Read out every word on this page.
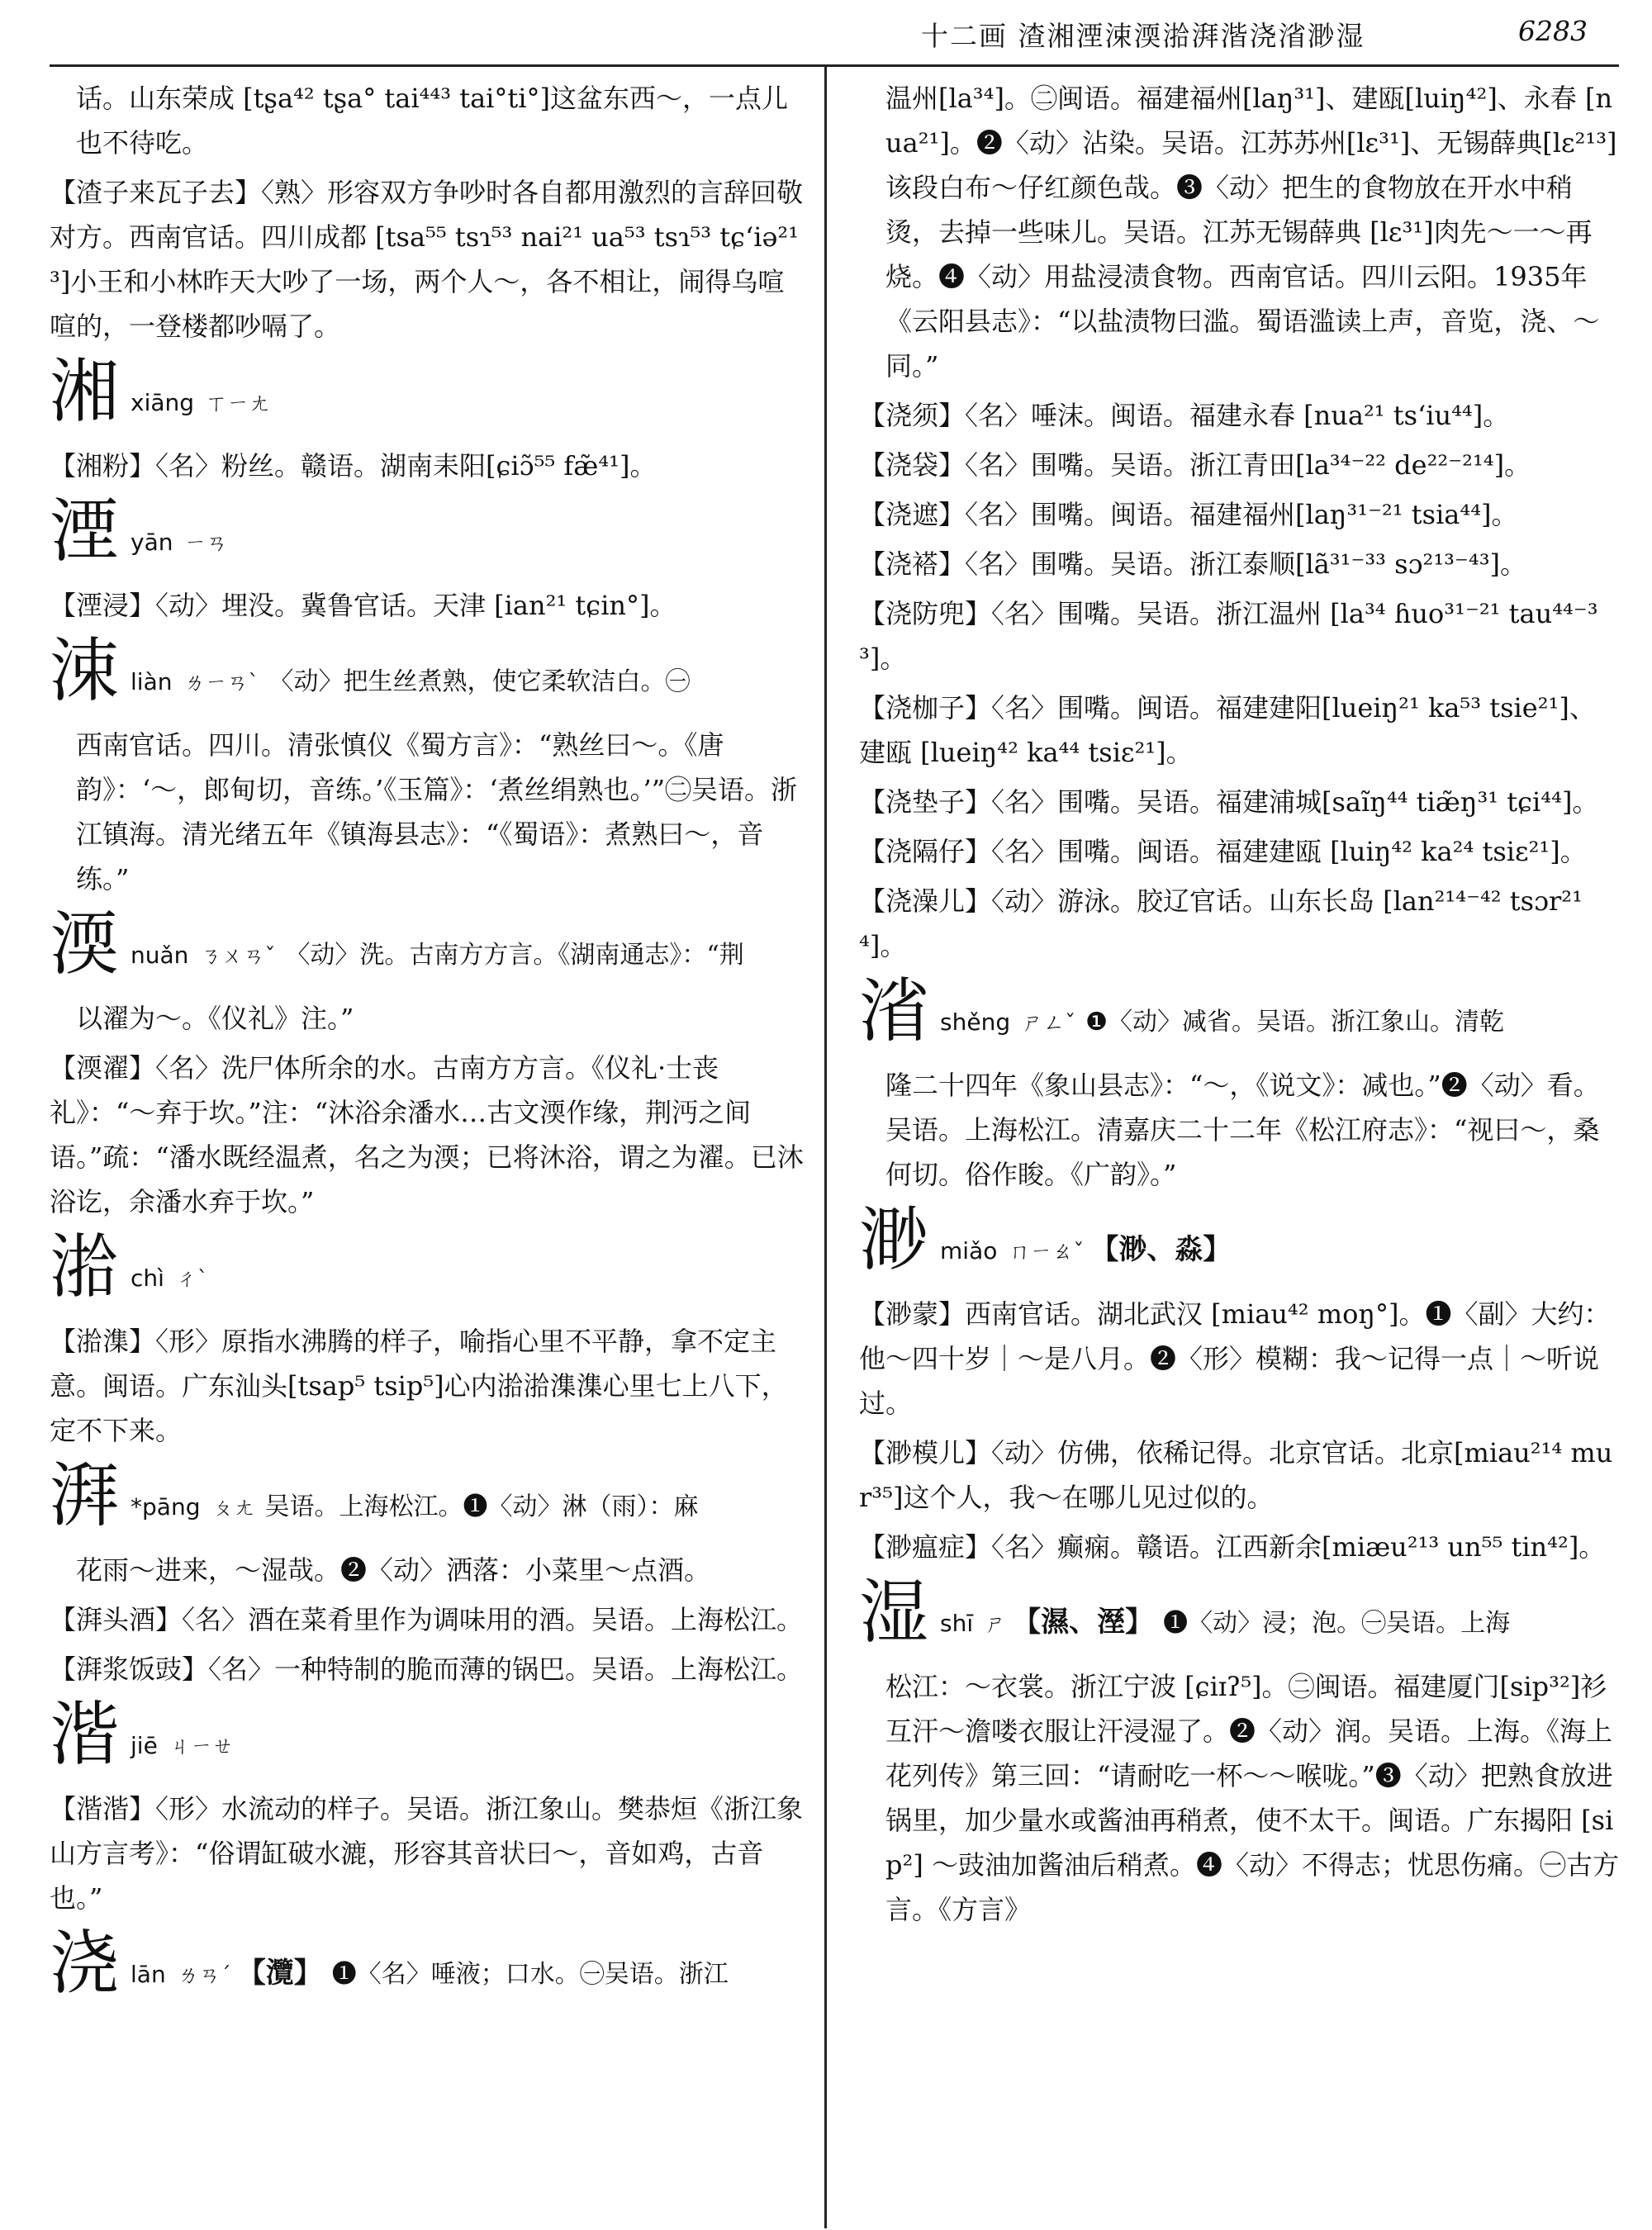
十二画 渣湘湮涑渜湁湃湝浇渻渺湿	6283
话。山东荣成 [tʂa⁴² tʂa° tai⁴⁴³ tai°ti°]这盆东西～，一点儿也不待吃。
【渣子来瓦子去】〈熟〉形容双方争吵时各自都用激烈的言辞回敬对方。西南官话。四川成都 [tsa⁵⁵ tsɿ⁵³ nai²¹ ua⁵³ tsɿ⁵³ tɕʻiə²¹³]小王和小林昨天大吵了一场，两个人～，各不相让，闹得乌喧喧的，一登楼都吵嗝了。
湘xiāng ㄒㄧㄤ
【湘粉】〈名〉粉丝。赣语。湖南耒阳[ɕiɔ̃⁵⁵ fæ̃⁴¹]。
湮yān ㄧㄢ
【湮浸】〈动〉埋没。冀鲁官话。天津 [ian²¹ tɕin°]。
涑liàn ㄌㄧㄢˋ 〈动〉把生丝煮熟，使它柔软洁白。㊀
西南官话。四川。清张慎仪《蜀方言》：“熟丝曰～。《唐韵》：‘～，郎甸切，音练。’《玉篇》：‘煮丝绢熟也。’”㊁吴语。浙江镇海。清光绪五年《镇海县志》：“《蜀语》：煮熟曰～，音练。”
渜nuǎn ㄋㄨㄢˇ 〈动〉洗。古南方方言。《湖南通志》：“荆
以濯为～。《仪礼》注。”
【渜濯】〈名〉洗尸体所余的水。古南方方言。《仪礼·士丧礼》：“～弃于坎。”注：“沐浴余潘水…古文渜作缘，荆沔之间语。”疏：“潘水既经温煮，名之为渜；已将沐浴，谓之为濯。已沐浴讫，余潘水弃于坎。”
湁chì ㄔˋ
【湁潗】〈形〉原指水沸腾的样子，喻指心里不平静，拿不定主意。闽语。广东汕头[tsap⁵ tsip⁵]心内湁湁潗潗心里七上八下，定不下来。
湃 *pāng ㄆㄤ 吴语。上海松江。❶〈动〉淋（雨）：麻
花雨～进来，～湿哉。❷〈动〉洒落：小菜里～点酒。
【湃头酒】〈名〉酒在菜肴里作为调味用的酒。吴语。上海松江。
【湃浆饭豉】〈名〉一种特制的脆而薄的锅巴。吴语。上海松江。
湝jiē ㄐㄧㄝ
【湝湝】〈形〉水流动的样子。吴语。浙江象山。樊恭烜《浙江象山方言考》：“俗谓缸破水漉，形容其音状曰～，音如鸡，古音也。”
浇lān ㄌㄢˊ 【灠】 ❶〈名〉唾液；口水。㊀吴语。浙江
温州[la³⁴]。㊁闽语。福建福州[laŋ³¹]、建瓯[luiŋ⁴²]、永春 [nua²¹]。❷〈动〉沾染。吴语。江苏苏州[lɛ³¹]、无锡薛典[lɛ²¹³]该段白布～仔红颜色哉。❸〈动〉把生的食物放在开水中稍烫，去掉一些味儿。吴语。江苏无锡薛典 [lɛ³¹]肉先～一～再烧。❹〈动〉用盐浸渍食物。西南官话。四川云阳。1935年《云阳县志》：“以盐渍物曰滥。蜀语滥读上声，音览，浇、～同。”
【浇须】〈名〉唾沫。闽语。福建永春 [nua²¹ tsʻiu⁴⁴]。
【浇袋】〈名〉围嘴。吴语。浙江青田[la³⁴⁻²² de²²⁻²¹⁴]。
【浇遮】〈名〉围嘴。闽语。福建福州[laŋ³¹⁻²¹ tsia⁴⁴]。
【浇褡】〈名〉围嘴。吴语。浙江泰顺[lã³¹⁻³³ sɔ²¹³⁻⁴³]。
【浇防兜】〈名〉围嘴。吴语。浙江温州 [la³⁴ ɦuo³¹⁻²¹ tau⁴⁴⁻³³]。
【浇枷子】〈名〉围嘴。闽语。福建建阳[lueiŋ²¹ ka⁵³ tsie²¹]、建瓯 [lueiŋ⁴² ka⁴⁴ tsiɛ²¹]。
【浇垫子】〈名〉围嘴。吴语。福建浦城[saĩŋ⁴⁴ tiæ̃ŋ³¹ tɕi⁴⁴]。
【浇隔仔】〈名〉围嘴。闽语。福建建瓯 [luiŋ⁴² ka²⁴ tsiɛ²¹]。
【浇澡儿】〈动〉游泳。胶辽官话。山东长岛 [lan²¹⁴⁻⁴² tsɔr²¹⁴]。
渻shěng ㄕㄥˇ ❶〈动〉减省。吴语。浙江象山。清乾
隆二十四年《象山县志》：“～，《说文》：减也。”❷〈动〉看。吴语。上海松江。清嘉庆二十二年《松江府志》：“视曰～，桑何切。俗作睃。《广韵》。”
渺miǎo ㄇㄧㄠˇ 【渺、淼】
【渺蒙】西南官话。湖北武汉 [miau⁴² moŋ°]。❶〈副〉大约：他～四十岁｜～是八月。❷〈形〉模糊：我～记得一点｜～听说过。
【渺模儿】〈动〉仿佛，依稀记得。北京官话。北京[miau²¹⁴ mur³⁵]这个人，我～在哪儿见过似的。
【渺瘟症】〈名〉癫痫。赣语。江西新余[miæu²¹³ un⁵⁵ tin⁴²]。
湿shī ㄕ 【濕、溼】 ❶〈动〉浸；泡。㊀吴语。上海
松江：～衣裳。浙江宁波 [ɕiɪʔ⁵]。㊁闽语。福建厦门[sip³²]衫互汗～澹喽衣服让汗浸湿了。❷〈动〉润。吴语。上海。《海上花列传》第三回：“请耐吃一杯～～喉咙。”❸〈动〉把熟食放进锅里，加少量水或酱油再稍煮，使不太干。闽语。广东揭阳 [sip²] ～豉油加酱油后稍煮。❹〈动〉不得志；忧思伤痛。㊀古方言。《方言》
